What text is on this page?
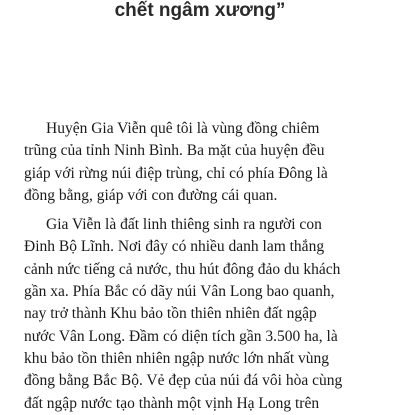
chết ngâm xương”
Huyện Gia Viễn quê tôi là vùng đồng chiêm
trũng của tỉnh Ninh Bình. Ba mặt của huyện đều
giáp với rừng núi điệp trùng, chỉ có phía Đông là
đồng bằng, giáp với con đường cái quan.
Gia Viễn là đất linh thiêng sinh ra người con
Đinh Bộ Lĩnh. Nơi đây có nhiều danh lam thắng
cảnh nức tiếng cả nước, thu hút đông đảo du khách
gần xa. Phía Bắc có dãy núi Vân Long bao quanh,
nay trở thành Khu bảo tồn thiên nhiên đất ngập
nước Vân Long. Đầm có diện tích gần 3.500 ha, là
khu bảo tồn thiên nhiên ngập nước lớn nhất vùng
đồng bằng Bắc Bộ. Vẻ đẹp của núi đá vôi hòa cùng
đất ngập nước tạo thành một vịnh Hạ Long trên
